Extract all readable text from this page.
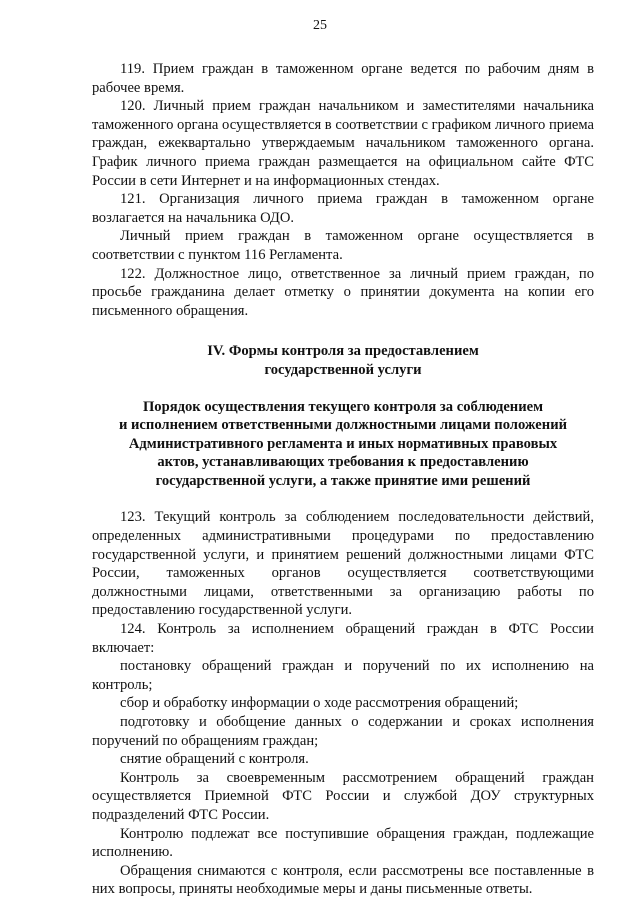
25

119. Прием граждан в таможенном органе ведется по рабочим дням в рабочее время.

120. Личный прием граждан начальником и заместителями начальника таможенного органа осуществляется в соответствии с графиком личного приема граждан, ежеквартально утверждаемым начальником таможенного органа. График личного приема граждан размещается на официальном сайте ФТС России в сети Интернет и на информационных стендах.

121. Организация личного приема граждан в таможенном органе возлагается на начальника ОДО.

Личный прием граждан в таможенном органе осуществляется в соответствии с пунктом 116 Регламента.

122. Должностное лицо, ответственное за личный прием граждан, по просьбе гражданина делает отметку о принятии документа на копии его письменного обращения.

IV. Формы контроля за предоставлением
государственной услуги
Порядок осуществления текущего контроля за соблюдением
и исполнением ответственными должностными лицами положений
Административного регламента и иных нормативных правовых
актов, устанавливающих требования к предоставлению
государственной услуги, а также принятие ими решений

123. Текущий контроль за соблюдением последовательности действий, определенных административными процедурами по предоставлению государственной услуги, и принятием решений должностными лицами ФТС России, таможенных органов осуществляется соответствующими должностными лицами, ответственными за организацию работы по предоставлению государственной услуги.

124. Контроль за исполнением обращений граждан в ФТС России включает:

постановку обращений граждан и поручений по их исполнению на контроль;

сбор и обработку информации о ходе рассмотрения обращений;

подготовку и обобщение данных о содержании и сроках исполнения поручений по обращениям граждан;

снятие обращений с контроля.

Контроль за своевременным рассмотрением обращений граждан осуществляется Приемной ФТС России и службой ДОУ структурных подразделений ФТС России.

Контролю подлежат все поступившие обращения граждан, подлежащие исполнению.

Обращения снимаются с контроля, если рассмотрены все поставленные в них вопросы, приняты необходимые меры и даны письменные ответы.
